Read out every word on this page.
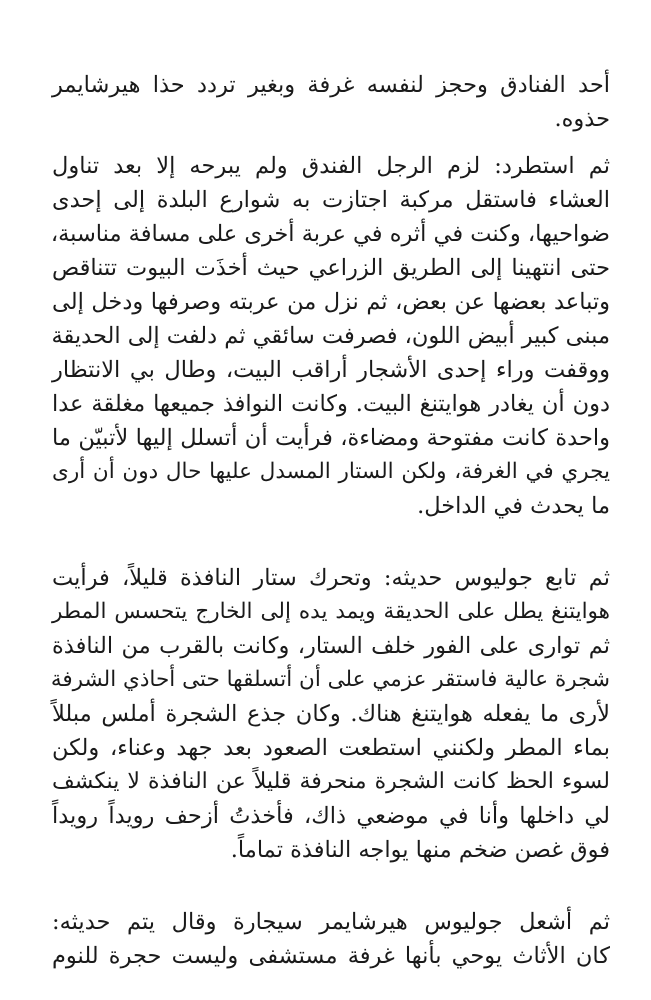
أحد الفنادق وحجز لنفسه غرفة وبغير تردد حذا هيرشايمر
حذوه.
ثم استطرد: لزم الرجل الفندق ولم يبرحه إلا بعد تناول
العشاء فاستقل مركبة اجتازت به شوارع البلدة إلى إحدى
ضواحيها، وكنت في أثره في عربة أخرى على مسافة مناسبة،
حتى انتهينا إلى الطريق الزراعي حيث أخذَت البيوت تتناقص
وتباعد بعضها عن بعض، ثم نزل من عربته وصرفها ودخل إلى
مبنى كبير أبيض اللون، فصرفت سائقي ثم دلفت إلى الحديقة
ووقفت وراء إحدى الأشجار أراقب البيت، وطال بي الانتظار
دون أن يغادر هوايتنغ البيت. وكانت النوافذ جميعها مغلقة عدا
واحدة كانت مفتوحة ومضاءة، فرأيت أن أتسلل إليها لأتبيّن ما
يجري في الغرفة، ولكن الستار المسدل عليها حال دون أن أرى
ما يحدث في الداخل.
ثم تابع جوليوس حديثه: وتحرك ستار النافذة قليلاً، فرأيت
هوايتنغ يطل على الحديقة ويمد يده إلى الخارج يتحسس المطر
ثم توارى على الفور خلف الستار، وكانت بالقرب من النافذة
شجرة عالية فاستقر عزمي على أن أتسلقها حتى أحاذي الشرفة
لأرى ما يفعله هوايتنغ هناك. وكان جذع الشجرة أملس مبللاً
بماء المطر ولكنني استطعت الصعود بعد جهد وعناء، ولكن
لسوء الحظ كانت الشجرة منحرفة قليلاً عن النافذة لا ينكشف
لي داخلها وأنا في موضعي ذاك، فأخذتُ أزحف رويداً رويداً
فوق غصن ضخم منها يواجه النافذة تماماً.
ثم أشعل جوليوس هيرشايمر سيجارة وقال يتم حديثه:
كان الأثاث يوحي بأنها غرفة مستشفى وليست حجرة للنوم
